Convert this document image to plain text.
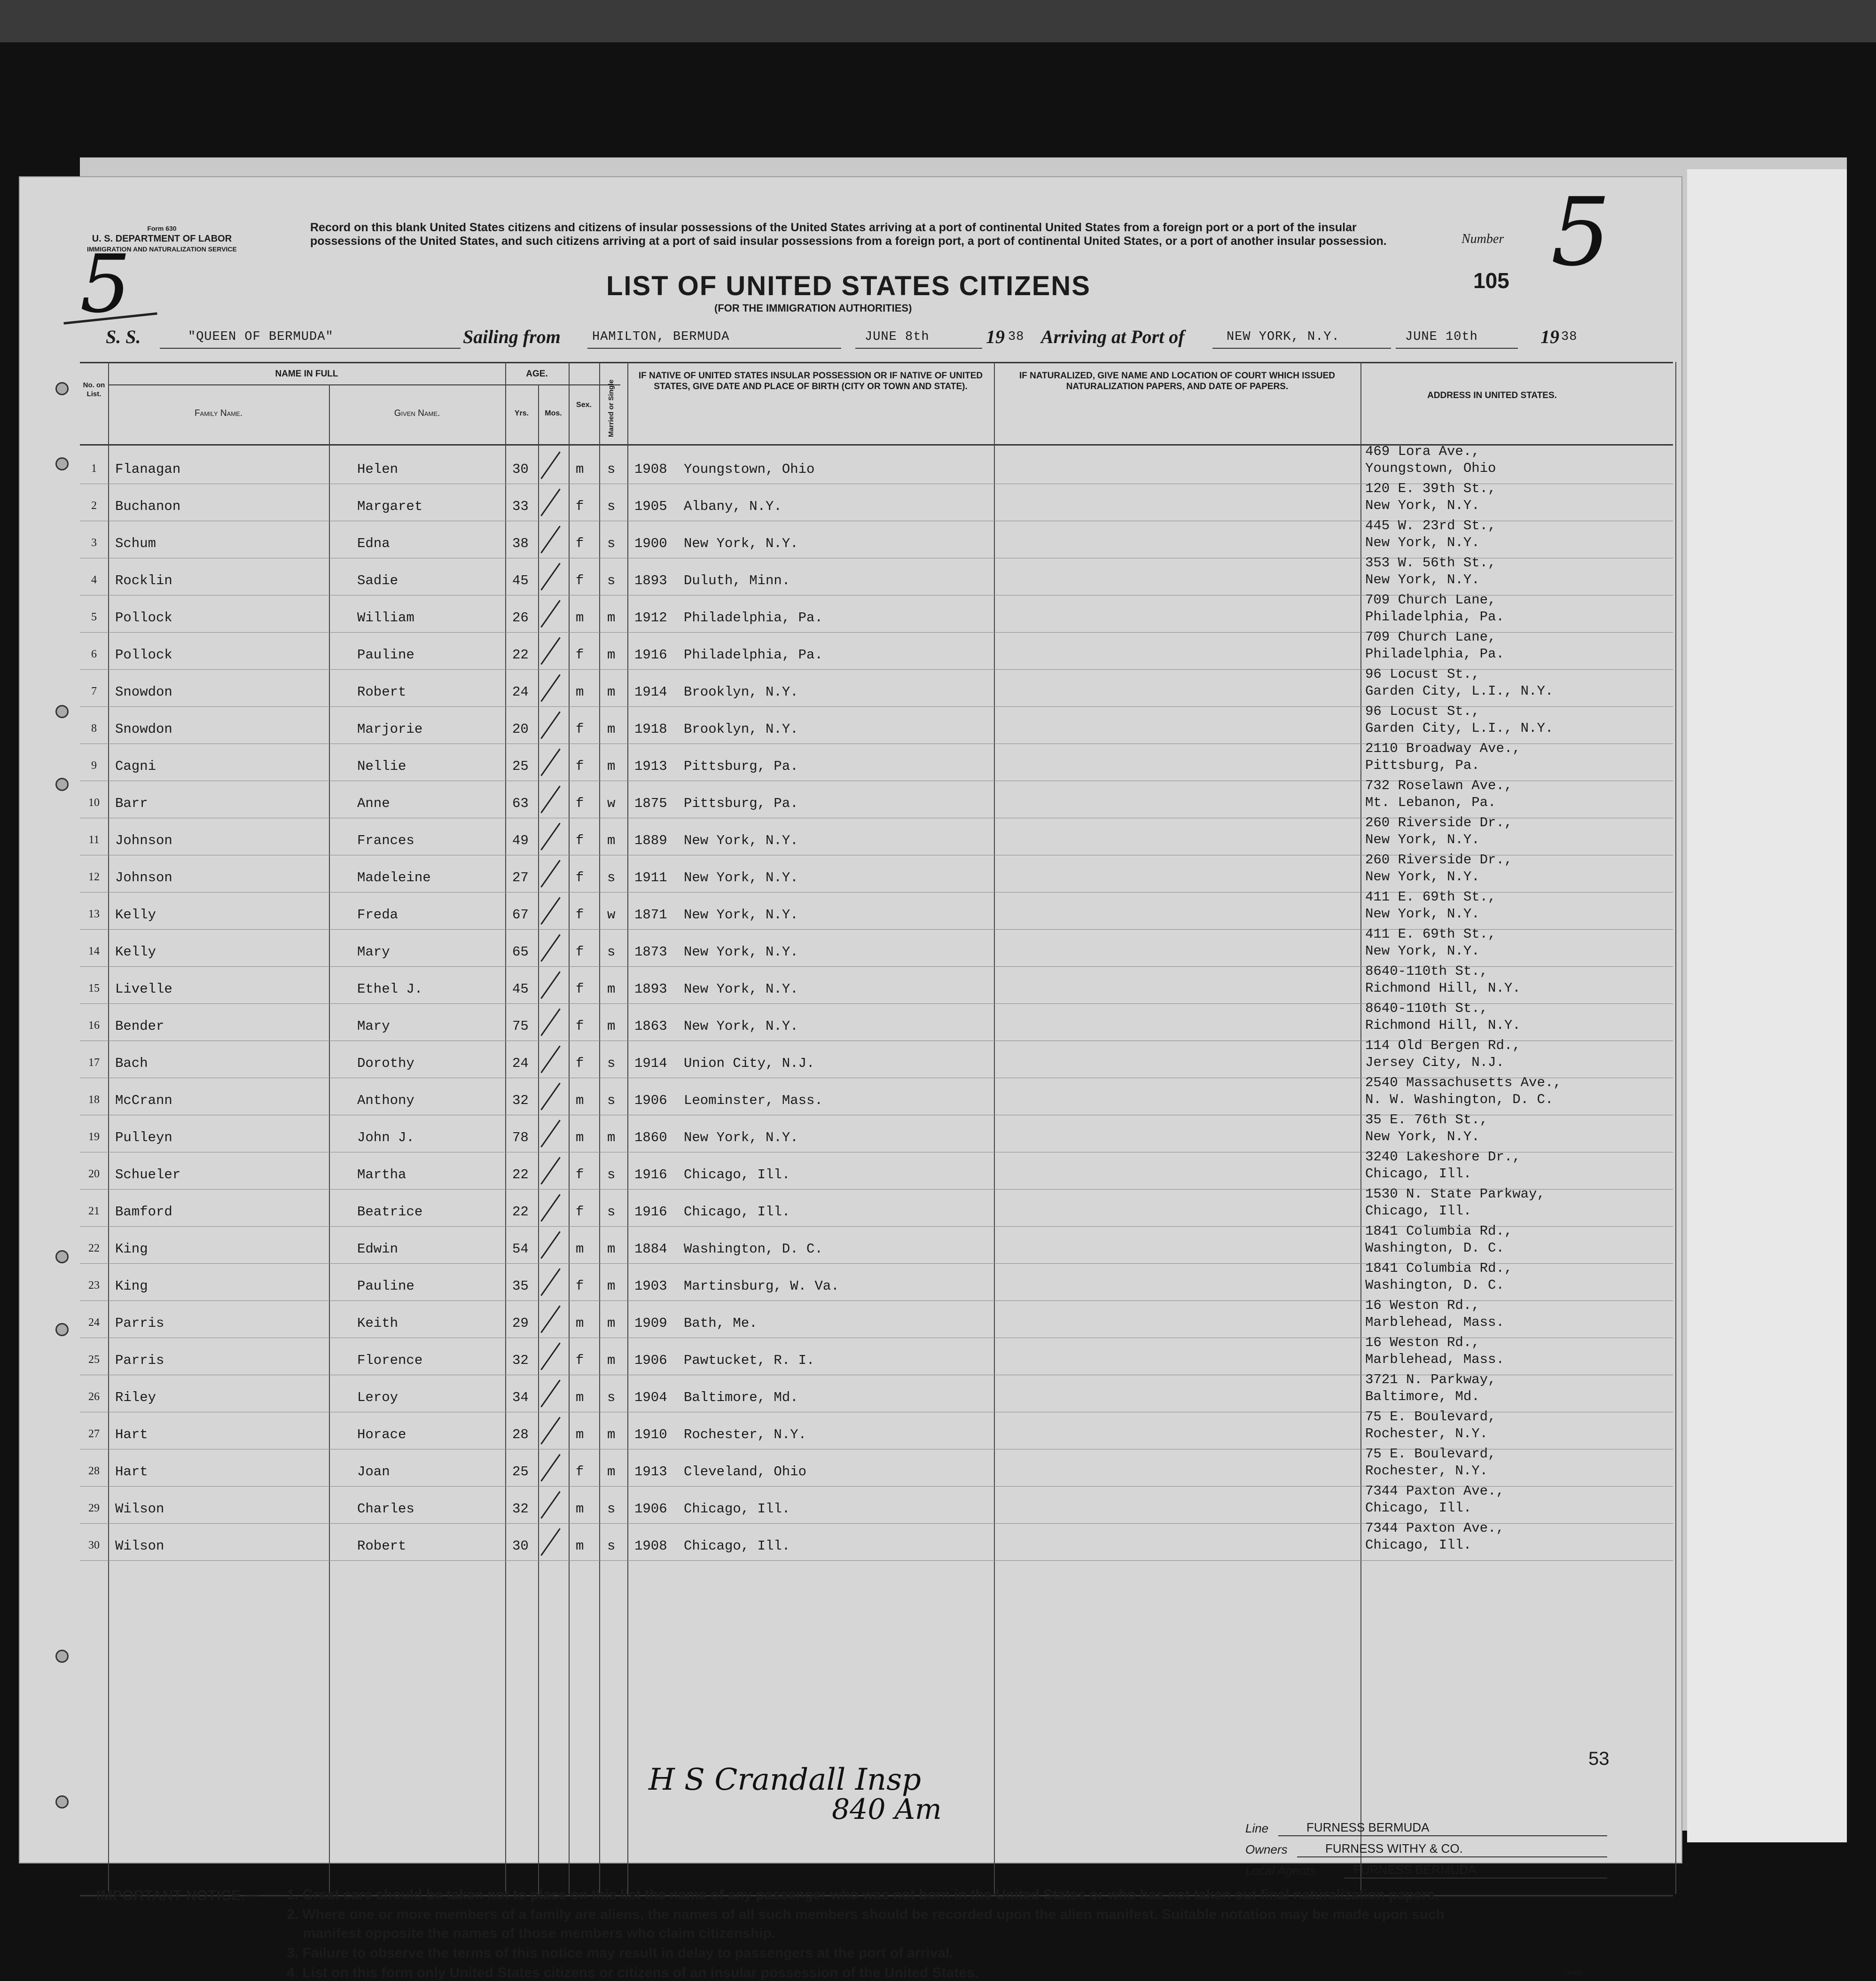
Form 630
U. S. DEPARTMENT OF LABOR
IMMIGRATION AND NATURALIZATION SERVICE
Record on this blank United States citizens and citizens of insular possessions of the United States arriving at a port of continental United States from a foreign port or a port of the insular possessions of the United States, and such citizens arriving at a port of said insular possessions from a foreign port, a port of continental United States, or a port of another insular possession.
5	Number 5
105
LIST OF UNITED STATES CITIZENS
(FOR THE IMMIGRATION AUTHORITIES)
S. S.	"QUEEN OF BERMUDA"	Sailing from HAMILTON, BERMUDA	JUNE 8th	19 38 Arriving at Port of	NEW YORK, N.Y.	JUNE 10th	19 38
No. on List.
NAME IN FULL
Family Name.	Given Name.
AGE.
Yrs.	Mos.
Sex.	Married or Single
IF NATIVE OF UNITED STATES INSULAR POSSESSION OR IF NATIVE OF UNITED STATES, GIVE DATE AND PLACE OF BIRTH (CITY OR TOWN AND STATE).
IF NATURALIZED, GIVE NAME AND LOCATION OF COURT WHICH ISSUED NATURALIZATION PAPERS, AND DATE OF PAPERS.
ADDRESS IN UNITED STATES.
1	Flanagan	Helen	30	m s 1908 Youngstown, Ohio
469 Lora Ave.,
Youngstown, Ohio
2	Buchanon	Margaret	33	f s 1905 Albany, N.Y.
120 E. 39th St.,
New York, N.Y.
3	Schum	Edna	38	f s 1900 New York, N.Y.
445 W. 23rd St.,
New York, N.Y.
4	Rocklin	Sadie	45	f s 1893 Duluth, Minn.
353 W. 56th St.,
New York, N.Y.
5	Pollock	William	26	m m 1912 Philadelphia, Pa.
709 Church Lane,
Philadelphia, Pa.
6	Pollock	Pauline	22	f m 1916 Philadelphia, Pa.
709 Church Lane,
Philadelphia, Pa.
7	Snowdon	Robert	24	m m 1914 Brooklyn, N.Y.
96 Locust St.,
Garden City, L.I., N.Y.
8	Snowdon	Marjorie	20	f m 1918 Brooklyn, N.Y.
96 Locust St.,
Garden City, L.I., N.Y.
9	Cagni	Nellie	25	f m 1913 Pittsburg, Pa.
2110 Broadway Ave.,
Pittsburg, Pa.
10	Barr	Anne	63	f w 1875 Pittsburg, Pa.
732 Roselawn Ave.,
Mt. Lebanon, Pa.
11	Johnson	Frances	49	f m 1889 New York, N.Y.
260 Riverside Dr.,
New York, N.Y.
12	Johnson	Madeleine	27	f s 1911 New York, N.Y.
260 Riverside Dr.,
New York, N.Y.
13	Kelly	Freda	67	f w 1871 New York, N.Y.
411 E. 69th St.,
New York, N.Y.
14	Kelly	Mary	65	f s 1873 New York, N.Y.
411 E. 69th St.,
New York, N.Y.
15	Livelle	Ethel J.	45	f m 1893 New York, N.Y.
8640-110th St.,
Richmond Hill, N.Y.
16	Bender	Mary	75	f m 1863 New York, N.Y.
8640-110th St.,
Richmond Hill, N.Y.
17	Bach	Dorothy	24	f s 1914 Union City, N.J.
114 Old Bergen Rd.,
Jersey City, N.J.
18	McCrann	Anthony	32	m s 1906 Leominster, Mass.
2540 Massachusetts Ave.,
N. W. Washington, D. C.
19	Pulleyn	John J.	78	m m 1860 New York, N.Y.
35 E. 76th St.,
New York, N.Y.
20	Schueler	Martha	22	f s 1916 Chicago, Ill.
3240 Lakeshore Dr.,
Chicago, Ill.
21	Bamford	Beatrice	22	f s 1916 Chicago, Ill.
1530 N. State Parkway,
Chicago, Ill.
22	King	Edwin	54	m m 1884 Washington, D. C.
1841 Columbia Rd.,
Washington, D. C.
23	King	Pauline	35	f m 1903 Martinsburg, W. Va.
1841 Columbia Rd.,
Washington, D. C.
24	Parris	Keith	29	m m 1909 Bath, Me.
16 Weston Rd.,
Marblehead, Mass.
25	Parris	Florence	32	f m 1906 Pawtucket, R. I.
16 Weston Rd.,
Marblehead, Mass.
26	Riley	Leroy	34	m s 1904 Baltimore, Md.
3721 N. Parkway,
Baltimore, Md.
27	Hart	Horace	28	m m 1910 Rochester, N.Y.
75 E. Boulevard,
Rochester, N.Y.
28	Hart	Joan	25	f m 1913 Cleveland, Ohio
75 E. Boulevard,
Rochester, N.Y.
29	Wilson	Charles	32	m s 1906 Chicago, Ill.
7344 Paxton Ave.,
Chicago, Ill.
30	Wilson	Robert	30	m s 1908 Chicago, Ill.
7344 Paxton Ave.,
Chicago, Ill.
H S Crandall Insp
840 Am
53
Line	FURNESS BERMUDA
Owners	FURNESS WITHY & CO.
Local Agents	FURNESS BERMUDA
IMPORTANT NOTICE.— 1. Great care should be taken not to place on this list the name of any passenger who was not born in the United States or who has not taken out final naturalization papers.
2. Where one or more members of a family are aliens, the names of all such members should be recorded upon the alien manifest. Suitable notation may be made upon such
manifest opposite the names of those members who claim citizenship.
3. Failure to observe the terms of this notice may result in delay to passengers at the port of arrival.
4. List on this form only United States citizens or citizens of an insular possession of the United States.	14-606
